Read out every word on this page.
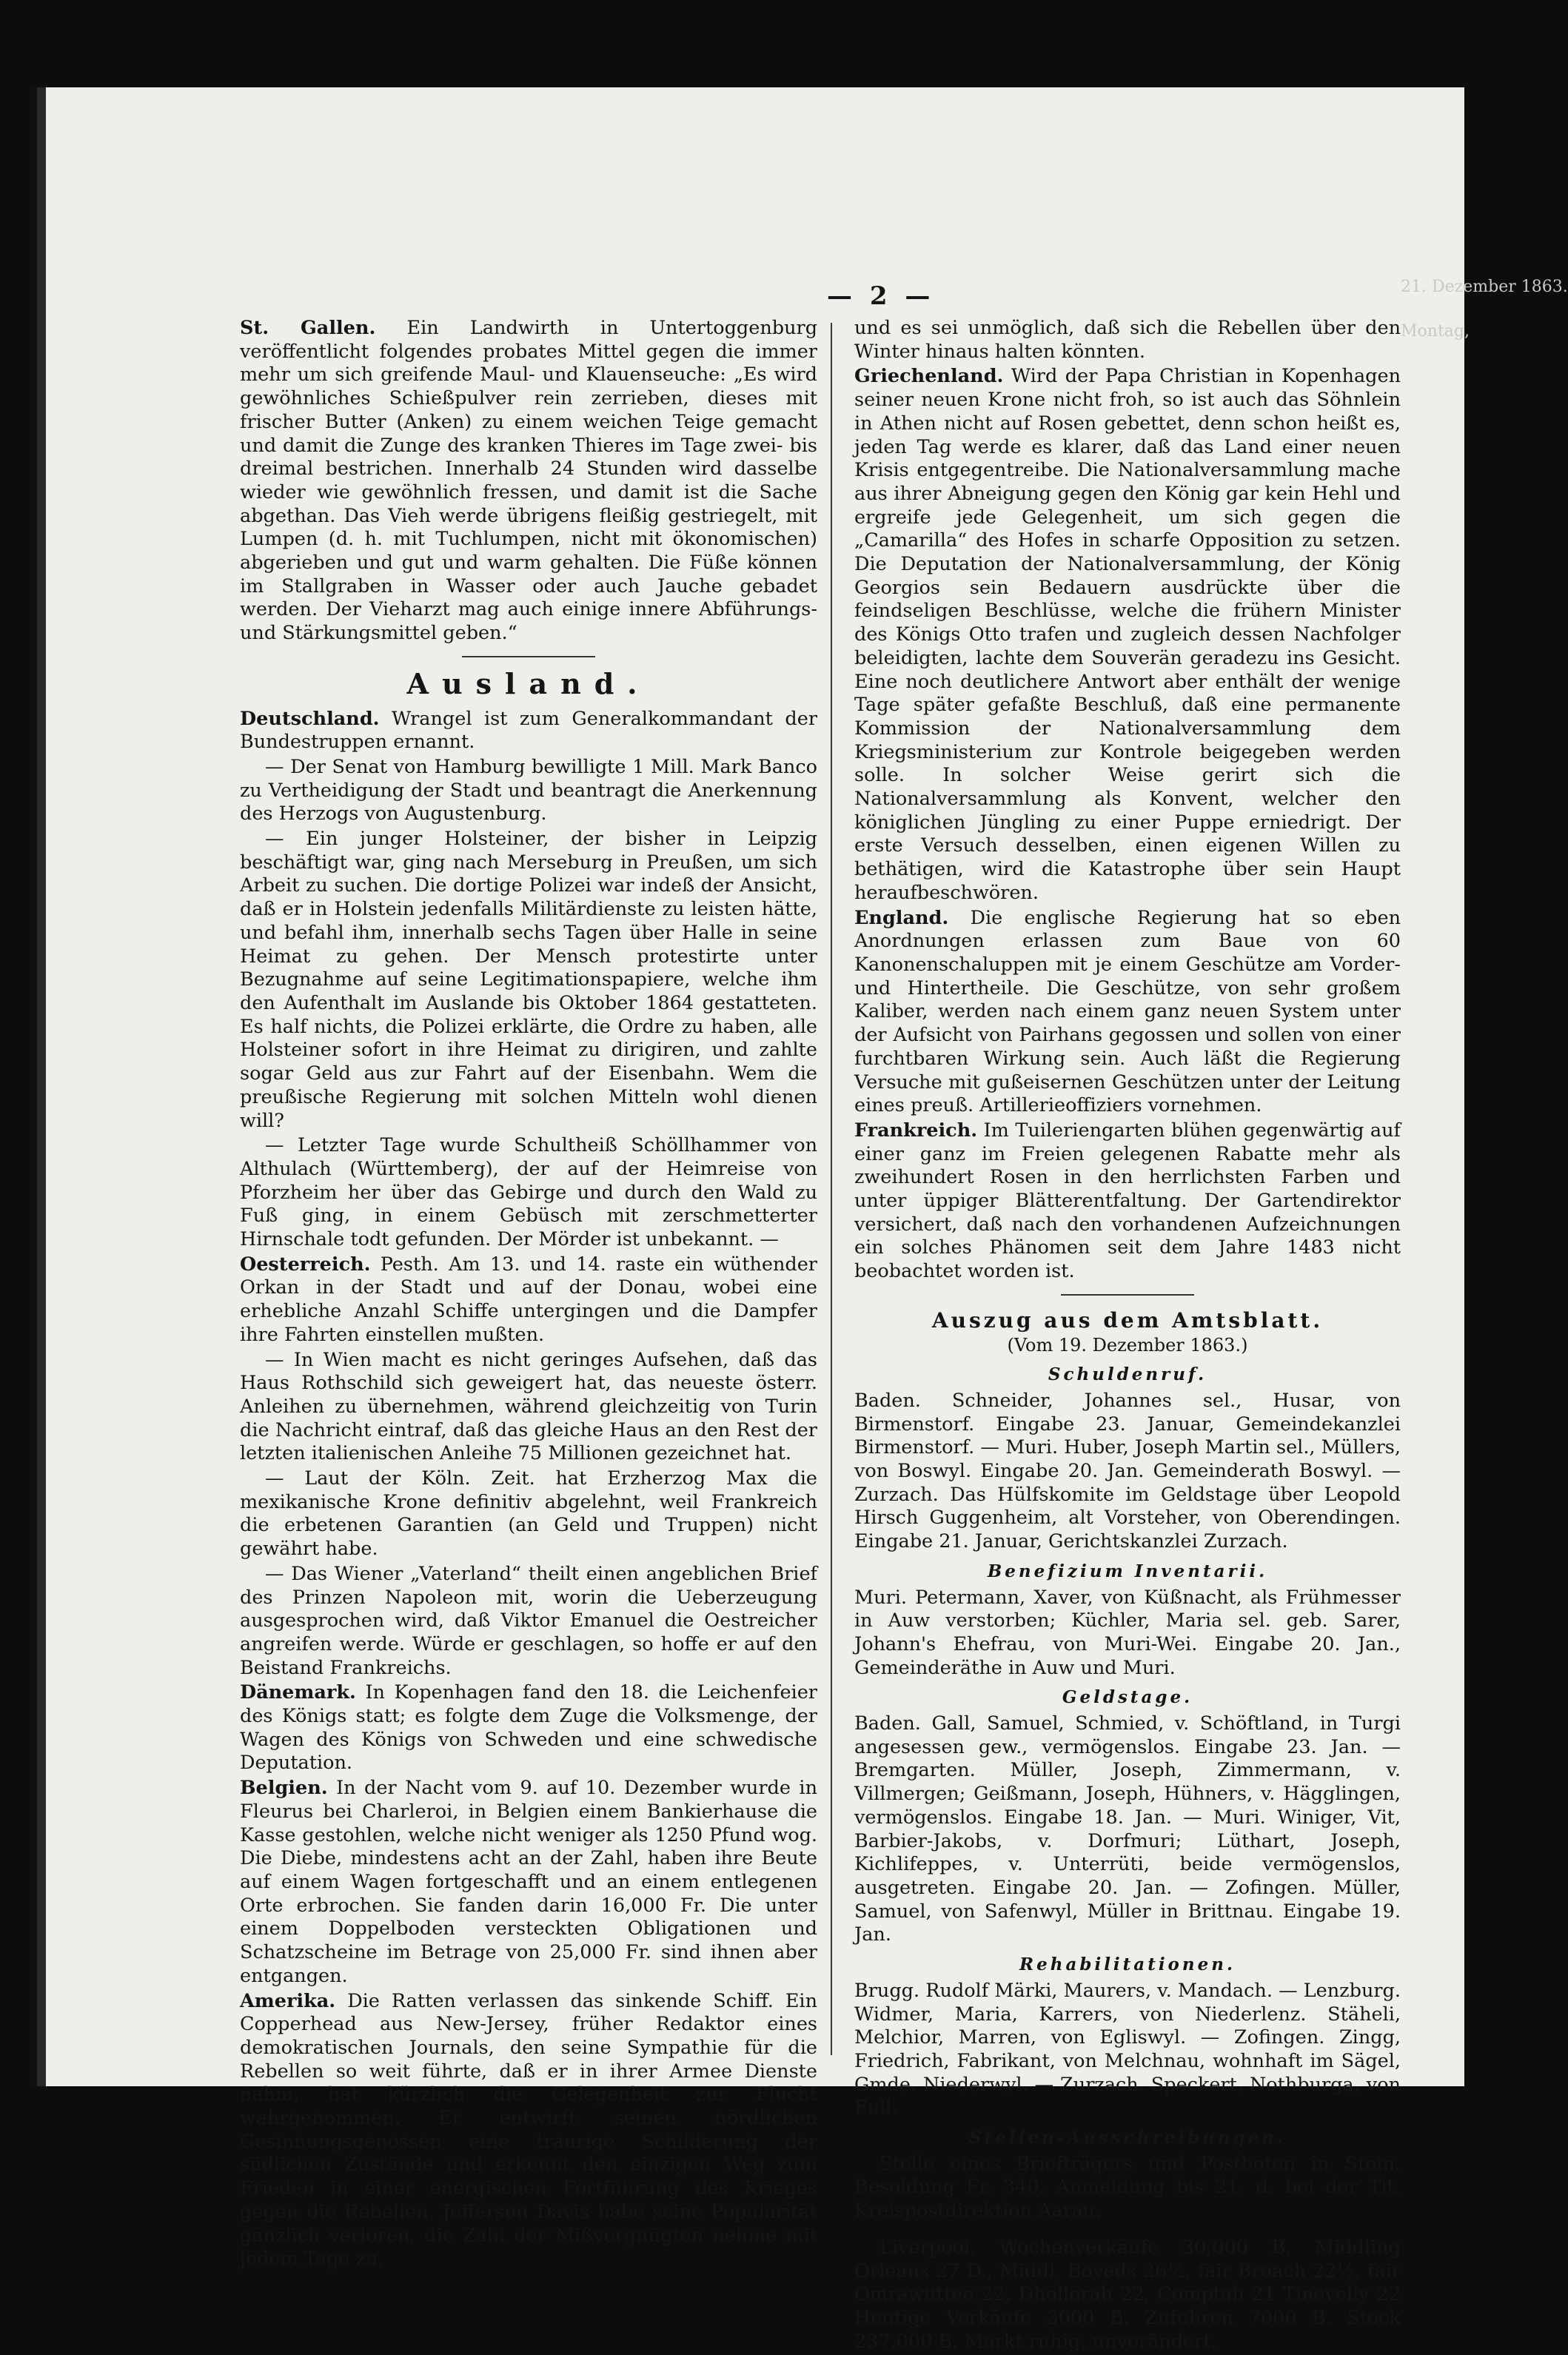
— 2 —

St. Gallen. Ein Landwirth in Untertoggenburg veröffentlicht folgendes probates Mittel gegen die immer mehr um sich greifende Maul- und Klauenseuche: „Es wird gewöhnliches Schießpulver rein zerrieben, dieses mit frischer Butter (Anken) zu einem weichen Teige gemacht und damit die Zunge des kranken Thieres im Tage zwei- bis dreimal bestrichen. Innerhalb 24 Stunden wird dasselbe wieder wie gewöhnlich fressen, und damit ist die Sache abgethan. Das Vieh werde übrigens fleißig gestriegelt, mit Lumpen (d. h. mit Tuchlumpen, nicht mit ökonomischen) abgerieben und gut und warm gehalten. Die Füße können im Stallgraben in Wasser oder auch Jauche gebadet werden. Der Vieharzt mag auch einige innere Abführungs- und Stärkungsmittel geben.“

Ausland.

Deutschland. Wrangel ist zum Generalkommandant der Bundestruppen ernannt.

— Der Senat von Hamburg bewilligte 1 Mill. Mark Banco zu Vertheidigung der Stadt und beantragt die Anerkennung des Herzogs von Augustenburg.

— Ein junger Holsteiner, der bisher in Leipzig beschäftigt war, ging nach Merseburg in Preußen, um sich Arbeit zu suchen. Die dortige Polizei war indeß der Ansicht, daß er in Holstein jedenfalls Militärdienste zu leisten hätte, und befahl ihm, innerhalb sechs Tagen über Halle in seine Heimat zu gehen. Der Mensch protestirte unter Bezugnahme auf seine Legitimationspapiere, welche ihm den Aufenthalt im Auslande bis Oktober 1864 gestatteten. Es half nichts, die Polizei erklärte, die Ordre zu haben, alle Holsteiner sofort in ihre Heimat zu dirigiren, und zahlte sogar Geld aus zur Fahrt auf der Eisenbahn. Wem die preußische Regierung mit solchen Mitteln wohl dienen will?

— Letzter Tage wurde Schultheiß Schöllhammer von Althulach (Württemberg), der auf der Heimreise von Pforzheim her über das Gebirge und durch den Wald zu Fuß ging, in einem Gebüsch mit zerschmetterter Hirnschale todt gefunden. Der Mörder ist unbekannt. —

Oesterreich. Pesth. Am 13. und 14. raste ein wüthender Orkan in der Stadt und auf der Donau, wobei eine erhebliche Anzahl Schiffe untergingen und die Dampfer ihre Fahrten einstellen mußten.

— In Wien macht es nicht geringes Aufsehen, daß das Haus Rothschild sich geweigert hat, das neueste österr. Anleihen zu übernehmen, während gleichzeitig von Turin die Nachricht eintraf, daß das gleiche Haus an den Rest der letzten italienischen Anleihe 75 Millionen gezeichnet hat.

— Laut der Köln. Zeit. hat Erzherzog Max die mexikanische Krone definitiv abgelehnt, weil Frankreich die erbetenen Garantien (an Geld und Truppen) nicht gewährt habe.

— Das Wiener „Vaterland“ theilt einen angeblichen Brief des Prinzen Napoleon mit, worin die Ueberzeugung ausgesprochen wird, daß Viktor Emanuel die Oestreicher angreifen werde. Würde er geschlagen, so hoffe er auf den Beistand Frankreichs.

Dänemark. In Kopenhagen fand den 18. die Leichenfeier des Königs statt; es folgte dem Zuge die Volksmenge, der Wagen des Königs von Schweden und eine schwedische Deputation.

Belgien. In der Nacht vom 9. auf 10. Dezember wurde in Fleurus bei Charleroi, in Belgien einem Bankierhause die Kasse gestohlen, welche nicht weniger als 1250 Pfund wog. Die Diebe, mindestens acht an der Zahl, haben ihre Beute auf einem Wagen fortgeschafft und an einem entlegenen Orte erbrochen. Sie fanden darin 16,000 Fr. Die unter einem Doppelboden versteckten Obligationen und Schatzscheine im Betrage von 25,000 Fr. sind ihnen aber entgangen.

Amerika. Die Ratten verlassen das sinkende Schiff. Ein Copperhead aus New-Jersey, früher Redaktor eines demokratischen Journals, den seine Sympathie für die Rebellen so weit führte, daß er in ihrer Armee Dienste nahm, hat kürzlich die Gelegenheit zur Flucht wahrgenommen. Er entwirft seinen nördlichen Gesinnungsgenossen eine traurige Schilderung der südlichen Zustände und erkennt den einzigen Weg zum Frieden in einer energischen Fortführung des Krieges gegen die Rebellen. Jefferson Davis habe seine Popularität gänzlich verloren, die Zahl der Mißvergnügten nehme mit jedem Tage zu,

und es sei unmöglich, daß sich die Rebellen über den Winter hinaus halten könnten.

Griechenland. Wird der Papa Christian in Kopenhagen seiner neuen Krone nicht froh, so ist auch das Söhnlein in Athen nicht auf Rosen gebettet, denn schon heißt es, jeden Tag werde es klarer, daß das Land einer neuen Krisis entgegentreibe. Die Nationalversammlung mache aus ihrer Abneigung gegen den König gar kein Hehl und ergreife jede Gelegenheit, um sich gegen die „Camarilla“ des Hofes in scharfe Opposition zu setzen. Die Deputation der Nationalversammlung, der König Georgios sein Bedauern ausdrückte über die feindseligen Beschlüsse, welche die frühern Minister des Königs Otto trafen und zugleich dessen Nachfolger beleidigten, lachte dem Souverän geradezu ins Gesicht. Eine noch deutlichere Antwort aber enthält der wenige Tage später gefaßte Beschluß, daß eine permanente Kommission der Nationalversammlung dem Kriegsministerium zur Kontrole beigegeben werden solle. In solcher Weise gerirt sich die Nationalversammlung als Konvent, welcher den königlichen Jüngling zu einer Puppe erniedrigt. Der erste Versuch desselben, einen eigenen Willen zu bethätigen, wird die Katastrophe über sein Haupt heraufbeschwören.

England. Die englische Regierung hat so eben Anordnungen erlassen zum Baue von 60 Kanonenschaluppen mit je einem Geschütze am Vorder- und Hintertheile. Die Geschütze, von sehr großem Kaliber, werden nach einem ganz neuen System unter der Aufsicht von Pairhans gegossen und sollen von einer furchtbaren Wirkung sein. Auch läßt die Regierung Versuche mit gußeisernen Geschützen unter der Leitung eines preuß. Artillerieoffiziers vornehmen.

Frankreich. Im Tuileriengarten blühen gegenwärtig auf einer ganz im Freien gelegenen Rabatte mehr als zweihundert Rosen in den herrlichsten Farben und unter üppiger Blätterentfaltung. Der Gartendirektor versichert, daß nach den vorhandenen Aufzeichnungen ein solches Phänomen seit dem Jahre 1483 nicht beobachtet worden ist.

Auszug aus dem Amtsblatt.
(Vom 19. Dezember 1863.)
Schuldenruf.

Baden. Schneider, Johannes sel., Husar, von Birmenstorf. Eingabe 23. Januar, Gemeindekanzlei Birmenstorf. — Muri. Huber, Joseph Martin sel., Müllers, von Boswyl. Eingabe 20. Jan. Gemeinderath Boswyl. — Zurzach. Das Hülfskomite im Geldstage über Leopold Hirsch Guggenheim, alt Vorsteher, von Oberendingen. Eingabe 21. Januar, Gerichtskanzlei Zurzach.

Benefizium Inventarii.

Muri. Petermann, Xaver, von Küßnacht, als Frühmesser in Auw verstorben; Küchler, Maria sel. geb. Sarer, Johann's Ehefrau, von Muri-Wei. Eingabe 20. Jan., Gemeinderäthe in Auw und Muri.

Geldstage.

Baden. Gall, Samuel, Schmied, v. Schöftland, in Turgi angesessen gew., vermögenslos. Eingabe 23. Jan. — Bremgarten. Müller, Joseph, Zimmermann, v. Villmergen; Geißmann, Joseph, Hühners, v. Hägglingen, vermögenslos. Eingabe 18. Jan. — Muri. Winiger, Vit, Barbier-Jakobs, v. Dorfmuri; Lüthart, Joseph, Kichlifeppes, v. Unterrüti, beide vermögenslos, ausgetreten. Eingabe 20. Jan. — Zofingen. Müller, Samuel, von Safenwyl, Müller in Brittnau. Eingabe 19. Jan.

Rehabilitationen.

Brugg. Rudolf Märki, Maurers, v. Mandach. — Lenzburg. Widmer, Maria, Karrers, von Niederlenz. Stäheli, Melchior, Marren, von Egliswyl. — Zofingen. Zingg, Friedrich, Fabrikant, von Melchnau, wohnhaft im Sägel, Gmde. Niederwyl. — Zurzach. Speckert, Nothburga, von Full.

Stellen-Ausschreibungen.

Stelle eines Briefträgers und Postboten in Stein. Besoldung Fr. 340. Anmeldung bis 21. d. bei der Tit. Kreispostdirektion Aarau.

Liverpool. Wochenverkäufe 30,000 B. Middling Orleans 27 D., Middl. Boveds 26½, fair Broach 22½, fair Omrawuttee 22, Dhollerah 22, Comptah 21 Tinevelly 22 Heutige Verkäufe 3000 B. Zufuhren 7000 B. Stock 237,000 B. Markt ruhig, unverändert.

21. Dezember 1863.
Montag,
